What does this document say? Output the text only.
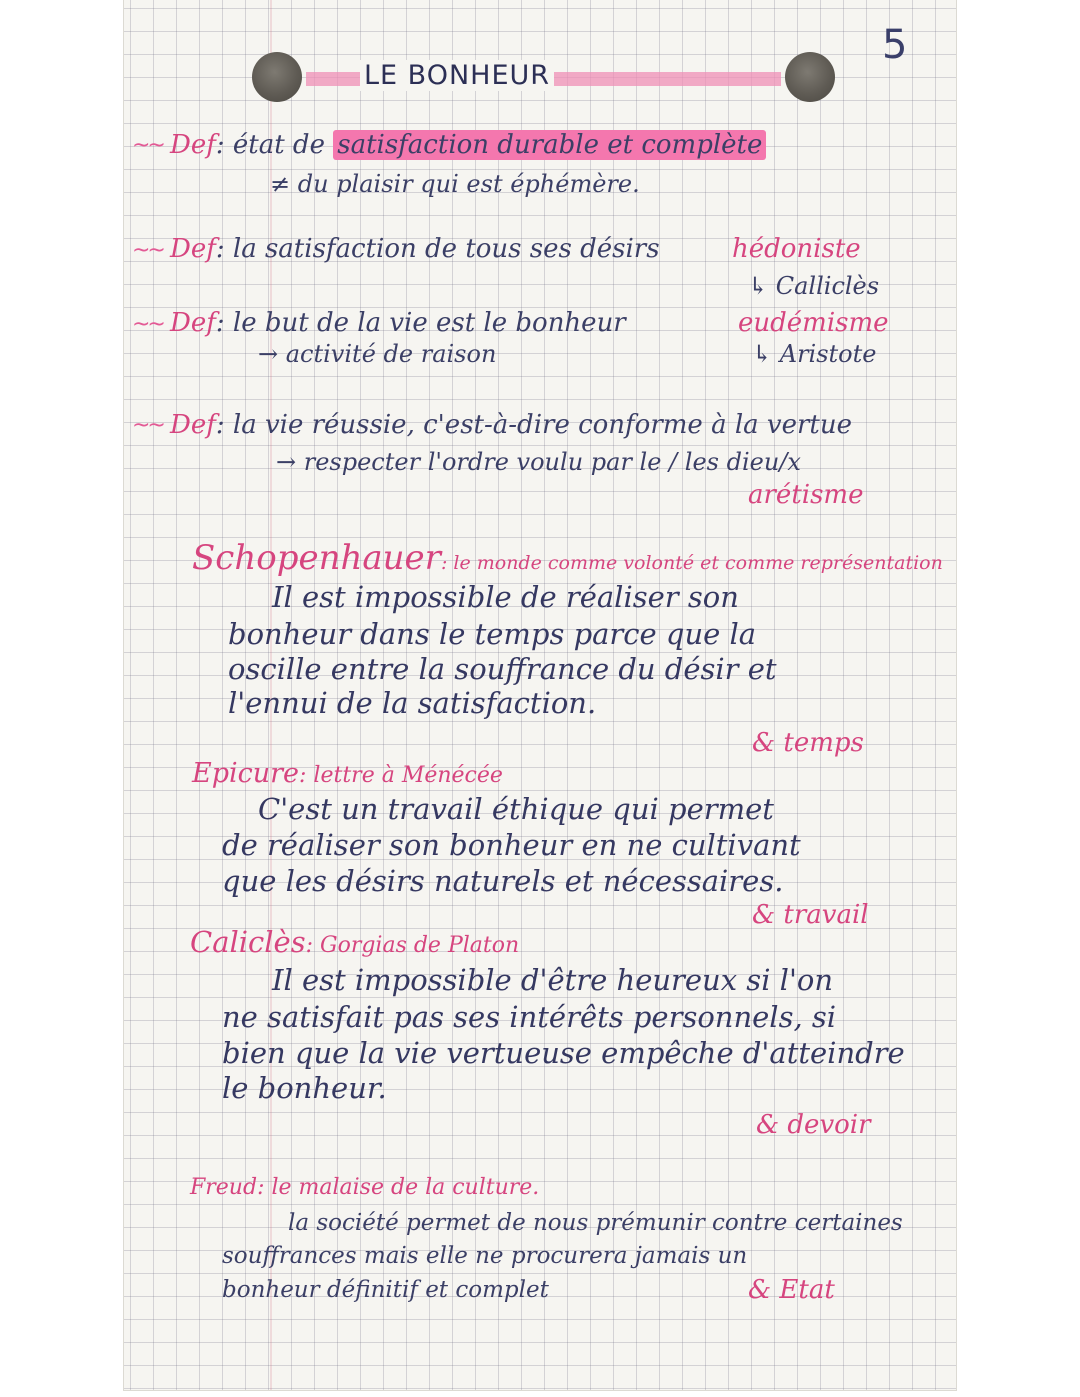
5
LE BONHEUR
~~ Def: état de satisfaction durable et complète
≠ du plaisir qui est éphémère.
~~ Def: la satisfaction de tous ses désirs	hédoniste
↳ Calliclès
~~ Def: le but de la vie est le bonheur	eudémisme
→ activité de raison	↳ Aristote
~~ Def: la vie réussie, c'est-à-dire conforme à la vertue
→ respecter l'ordre voulu par le / les dieu/x
arétisme
Schopenhauer: le monde comme volonté et comme représentation
Il est impossible de réaliser son
bonheur dans le temps parce que la
oscille entre la souffrance du désir et
l'ennui de la satisfaction.
& temps
Epicure: lettre à Ménécée
C'est un travail éthique qui permet
de réaliser son bonheur en ne cultivant
que les désirs naturels et nécessaires.
& travail
Caliclès: Gorgias de Platon
Il est impossible d'être heureux si l'on
ne satisfait pas ses intérêts personnels, si
bien que la vie vertueuse empêche d'atteindre
le bonheur.
& devoir
Freud: le malaise de la culture.
la société permet de nous prémunir contre certaines
souffrances mais elle ne procurera jamais un
bonheur définitif et complet	& Etat
